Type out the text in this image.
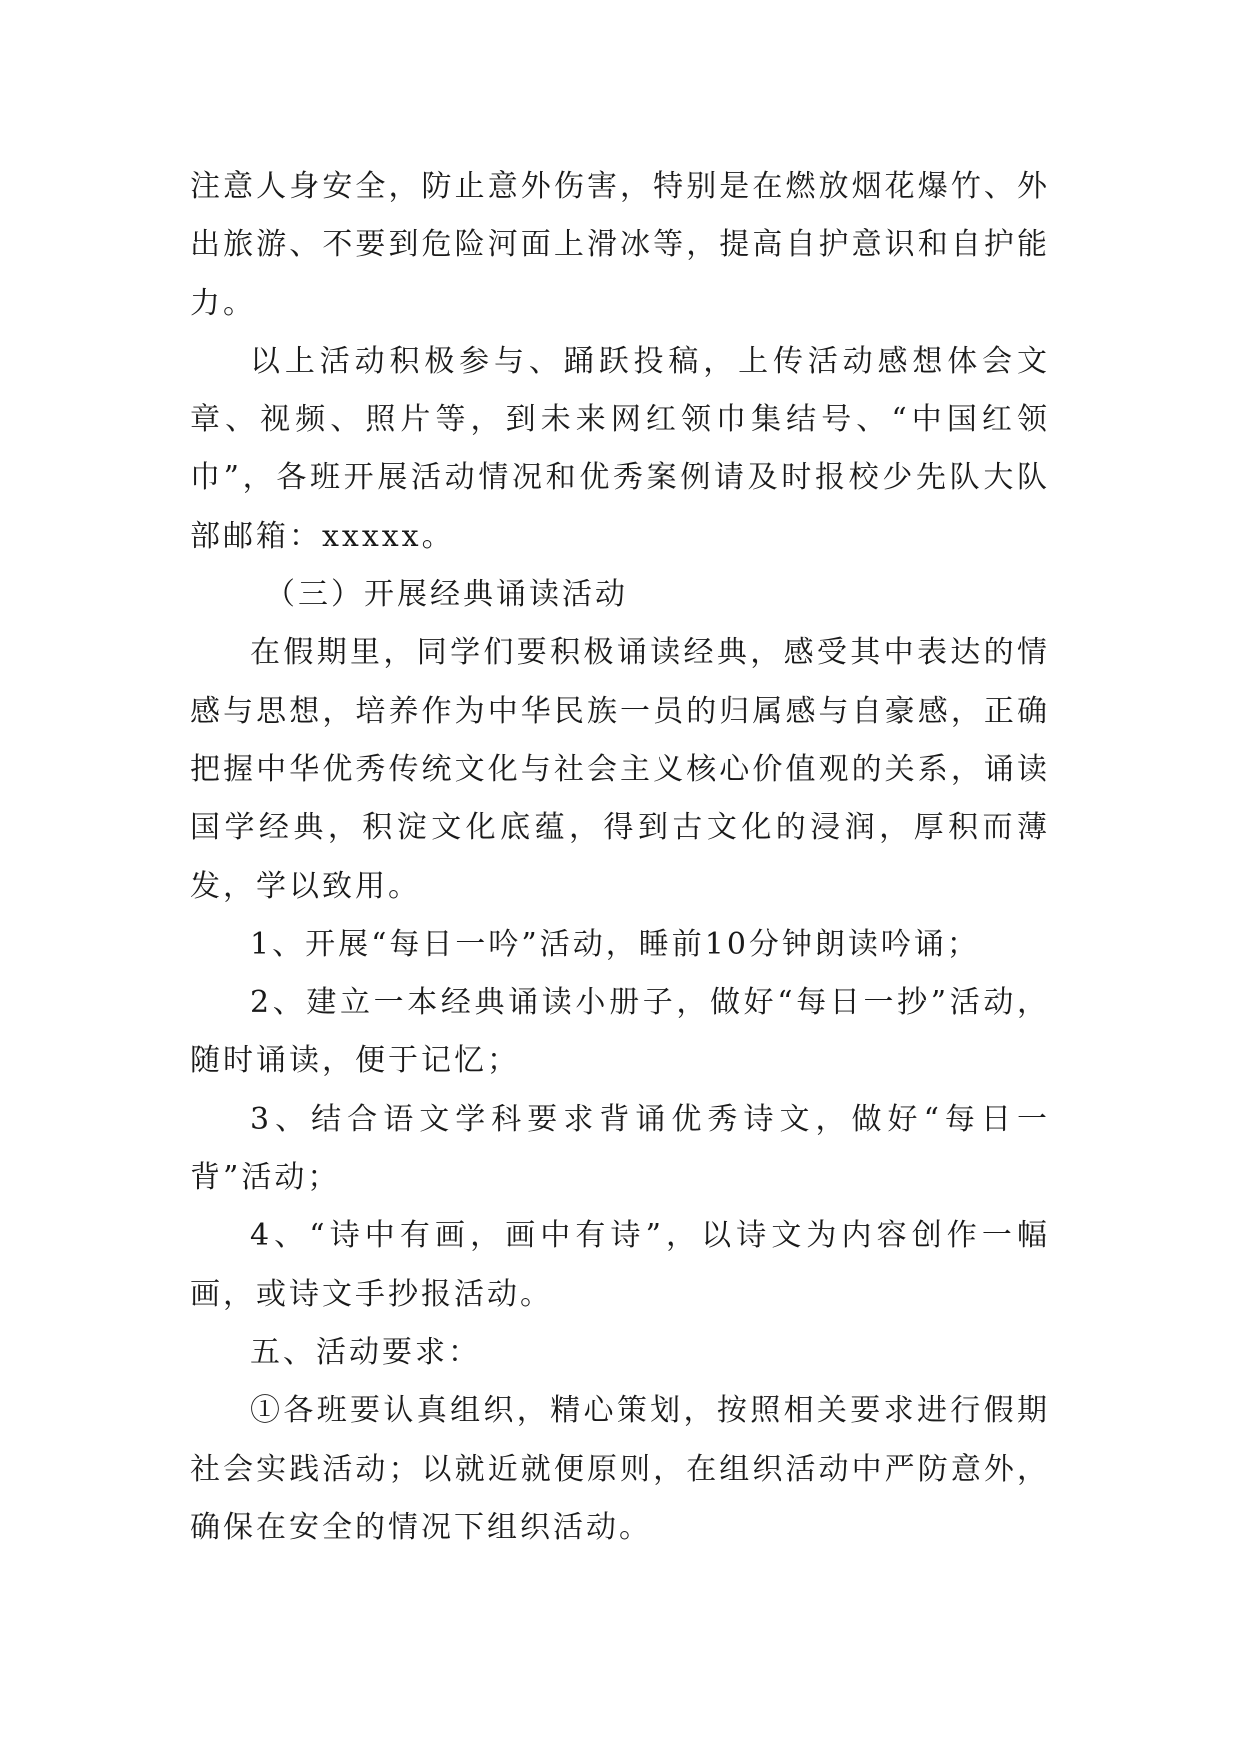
注意人身安全，防止意外伤害，特别是在燃放烟花爆竹、外出旅游、不要到危险河面上滑冰等，提高自护意识和自护能力。

以上活动积极参与、踊跃投稿，上传活动感想体会文章、视频、照片等，到未来网红领巾集结号、“中国红领巾”，各班开展活动情况和优秀案例请及时报校少先队大队部邮箱：xxxxx。

（三）开展经典诵读活动

在假期里，同学们要积极诵读经典，感受其中表达的情感与思想，培养作为中华民族一员的归属感与自豪感，正确把握中华优秀传统文化与社会主义核心价值观的关系，诵读国学经典，积淀文化底蕴，得到古文化的浸润，厚积而薄发，学以致用。

1、开展“每日一吟”活动，睡前10分钟朗读吟诵；

2、建立一本经典诵读小册子，做好“每日一抄”活动，随时诵读，便于记忆；

3、结合语文学科要求背诵优秀诗文，做好“每日一背”活动；

4、“诗中有画，画中有诗”，以诗文为内容创作一幅画，或诗文手抄报活动。

五、活动要求：

①各班要认真组织，精心策划，按照相关要求进行假期社会实践活动；以就近就便原则，在组织活动中严防意外，确保在安全的情况下组织活动。
